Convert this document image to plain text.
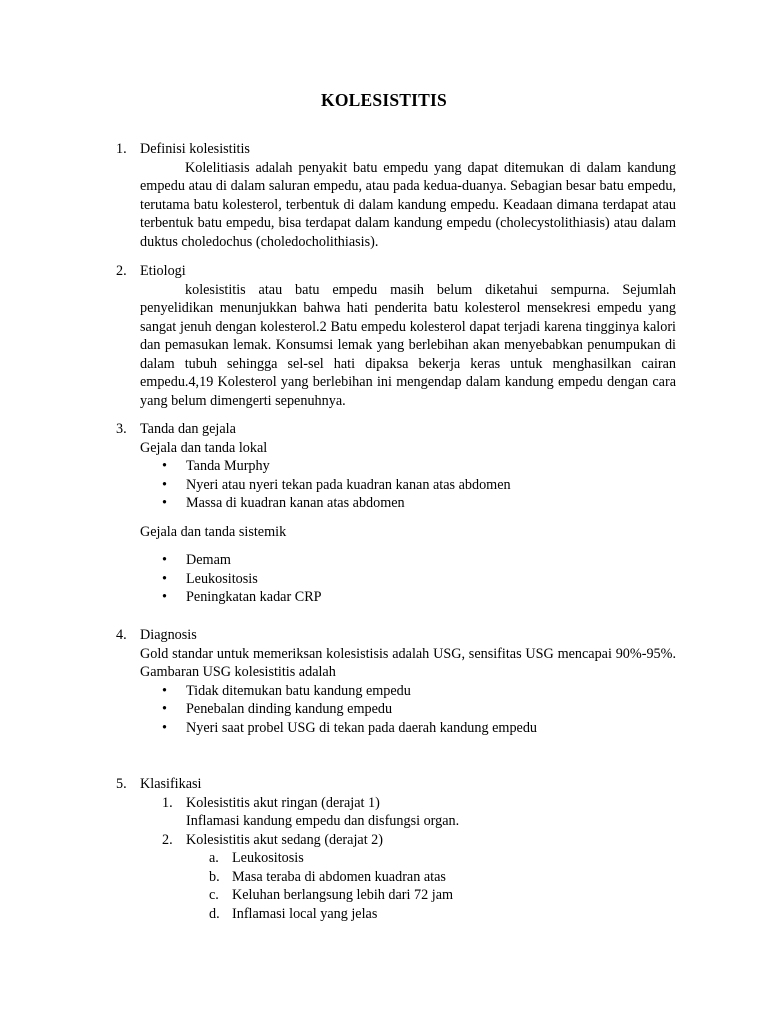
KOLESISTITIS
1. Definisi kolesistitis
Kolelitiasis adalah penyakit batu empedu yang dapat ditemukan di dalam kandung empedu atau di dalam saluran empedu, atau pada kedua-duanya. Sebagian besar batu empedu, terutama batu kolesterol, terbentuk di dalam kandung empedu. Keadaan dimana terdapat atau terbentuk batu empedu, bisa terdapat dalam kandung empedu (cholecystolithiasis) atau dalam duktus choledochus (choledocholithiasis).
2. Etiologi
kolesistitis atau batu empedu masih belum diketahui sempurna. Sejumlah penyelidikan menunjukkan bahwa hati penderita batu kolesterol mensekresi empedu yang sangat jenuh dengan kolesterol.2 Batu empedu kolesterol dapat terjadi karena tingginya kalori dan pemasukan lemak. Konsumsi lemak yang berlebihan akan menyebabkan penumpukan di dalam tubuh sehingga sel-sel hati dipaksa bekerja keras untuk menghasilkan cairan empedu.4,19 Kolesterol yang berlebihan ini mengendap dalam kandung empedu dengan cara yang belum dimengerti sepenuhnya.
3. Tanda dan gejala
Gejala dan tanda lokal
• Tanda Murphy
• Nyeri atau nyeri tekan pada kuadran kanan atas abdomen
• Massa di kuadran kanan atas abdomen
Gejala dan tanda sistemik
• Demam
• Leukositosis
• Peningkatan kadar CRP
4. Diagnosis
Gold standar untuk memeriksan kolesistisis adalah USG, sensifitas USG mencapai 90%-95%. Gambaran USG kolesistitis adalah
• Tidak ditemukan batu kandung empedu
• Penebalan dinding kandung empedu
• Nyeri saat probel USG di tekan pada daerah kandung empedu
5. Klasifikasi
1. Kolesistitis akut ringan (derajat 1)
Inflamasi kandung empedu dan disfungsi organ.
2. Kolesistitis akut sedang (derajat 2)
a. Leukositosis
b. Masa teraba di abdomen kuadran atas
c. Keluhan berlangsung lebih dari 72 jam
d. Inflamasi local yang jelas
